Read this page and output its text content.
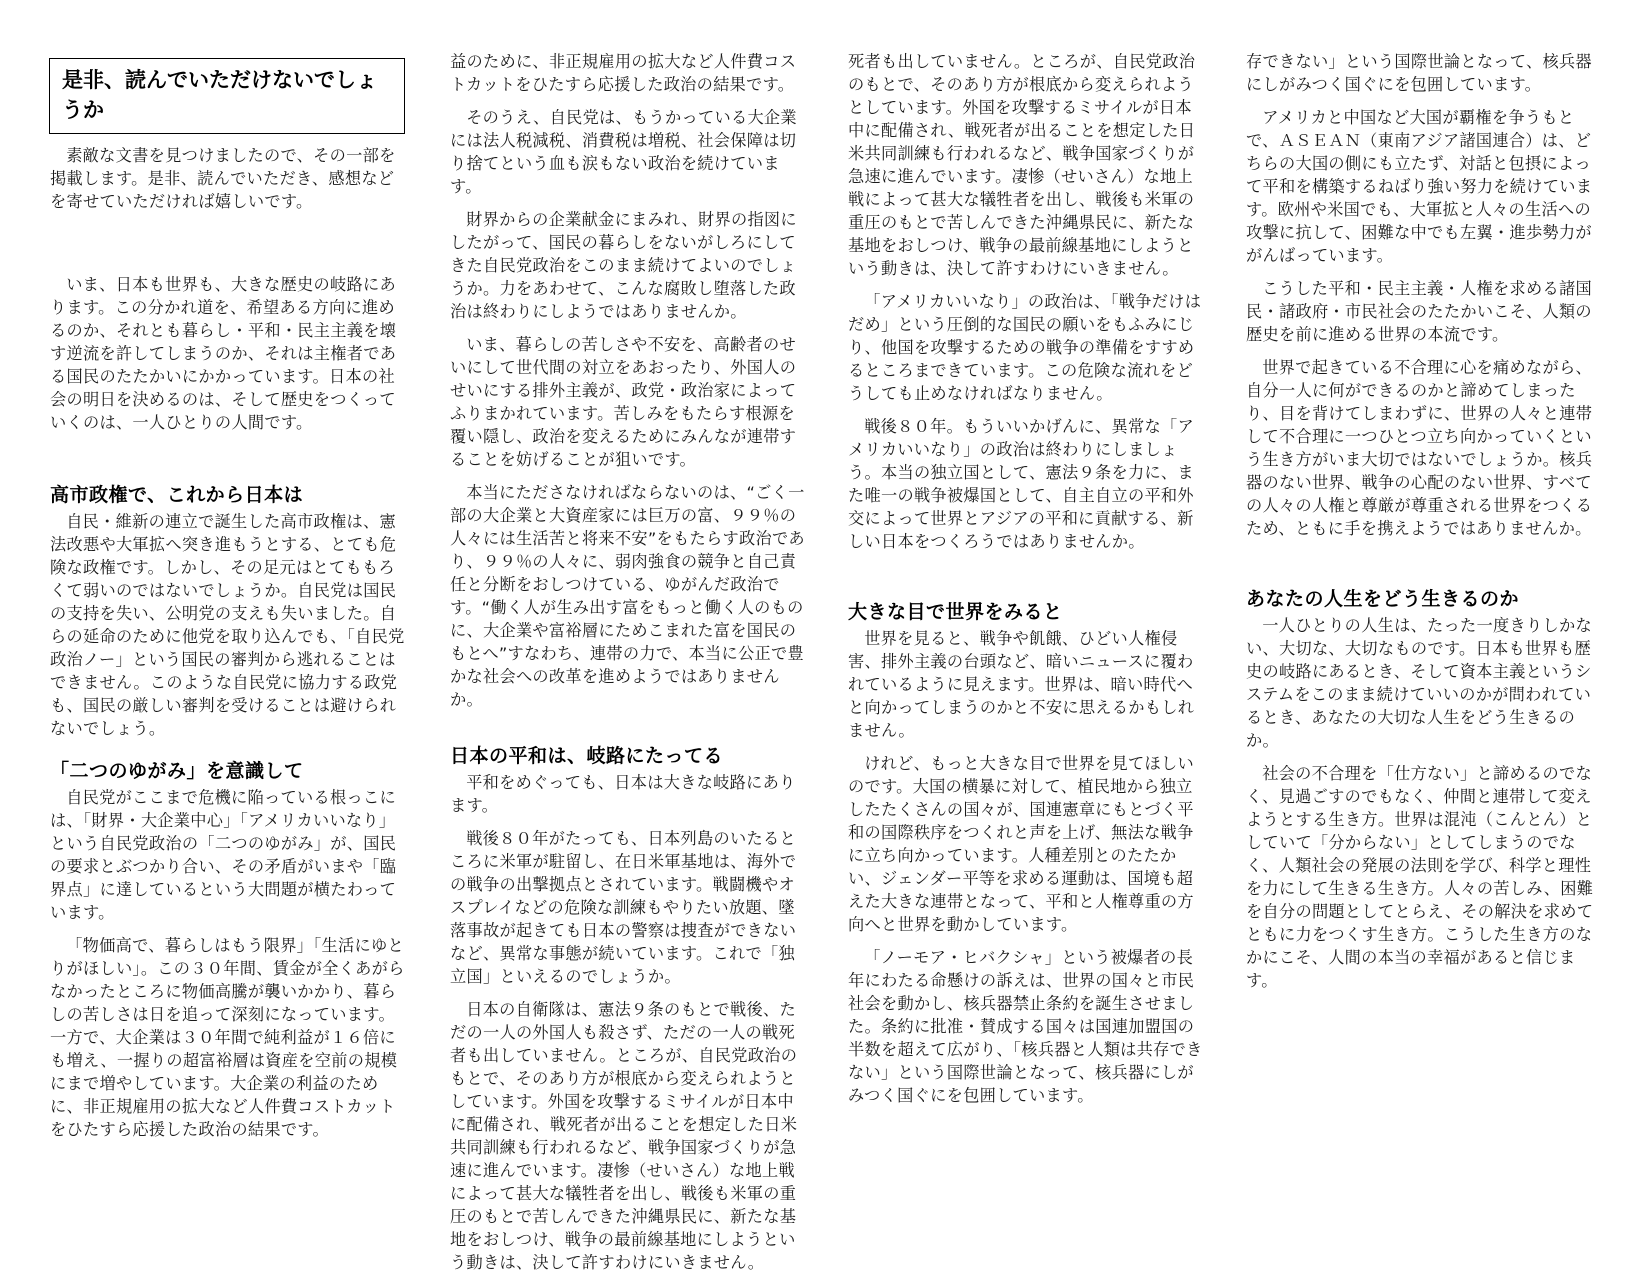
是非、読んでいただけないでしょうか

素敵な文書を見つけましたので、その一部を掲載します。是非、読んでいただき、感想などを寄せていただければ嬉しいです。

いま、日本も世界も、大きな歴史の岐路にあります。この分かれ道を、希望ある方向に進めるのか、それとも暮らし・平和・民主主義を壊す逆流を許してしまうのか、それは主権者である国民のたたかいにかかっています。日本の社会の明日を決めるのは、そして歴史をつくっていくのは、一人ひとりの人間です。

高市政権で、これから日本は

自民・維新の連立で誕生した高市政権は、憲法改悪や大軍拡へ突き進もうとする、とても危険な政権です。しかし、その足元はとてももろくて弱いのではないでしょうか。自民党は国民の支持を失い、公明党の支えも失いました。自らの延命のために他党を取り込んでも、「自民党政治ノー」という国民の審判から逃れることはできません。このような自民党に協力する政党も、国民の厳しい審判を受けることは避けられないでしょう。

「二つのゆがみ」を意識して

自民党がここまで危機に陥っている根っこには、「財界・大企業中心」「アメリカいいなり」という自民党政治の「二つのゆがみ」が、国民の要求とぶつかり合い、その矛盾がいまや「臨界点」に達しているという大問題が横たわっています。

「物価高で、暮らしはもう限界」「生活にゆとりがほしい」。この３０年間、賃金が全くあがらなかったところに物価高騰が襲いかかり、暮らしの苦しさは日を追って深刻になっています。一方で、大企業は３０年間で純利益が１６倍にも増え、一握りの超富裕層は資産を空前の規模にまで増やしています。大企業の利益のために、非正規雇用の拡大など人件費コストカットをひたすら応援した政治の結果です。

益のために、非正規雇用の拡大など人件費コストカットをひたすら応援した政治の結果です。

そのうえ、自民党は、もうかっている大企業には法人税減税、消費税は増税、社会保障は切り捨てという血も涙もない政治を続けています。

財界からの企業献金にまみれ、財界の指図にしたがって、国民の暮らしをないがしろにしてきた自民党政治をこのまま続けてよいのでしょうか。力をあわせて、こんな腐敗し堕落した政治は終わりにしようではありませんか。

いま、暮らしの苦しさや不安を、高齢者のせいにして世代間の対立をあおったり、外国人のせいにする排外主義が、政党・政治家によってふりまかれています。苦しみをもたらす根源を覆い隠し、政治を変えるためにみんなが連帯することを妨げることが狙いです。

本当にたださなければならないのは、“ごく一部の大企業と大資産家には巨万の富、９９％の人々には生活苦と将来不安”をもたらす政治であり、９９％の人々に、弱肉強食の競争と自己責任と分断をおしつけている、ゆがんだ政治です。“働く人が生み出す富をもっと働く人のものに、大企業や富裕層にためこまれた富を国民のもとへ”すなわち、連帯の力で、本当に公正で豊かな社会への改革を進めようではありませんか。

日本の平和は、岐路にたってる

平和をめぐっても、日本は大きな岐路にあります。

戦後８０年がたっても、日本列島のいたるところに米軍が駐留し、在日米軍基地は、海外での戦争の出撃拠点とされています。戦闘機やオスプレイなどの危険な訓練もやりたい放題、墜落事故が起きても日本の警察は捜査ができないなど、異常な事態が続いています。これで「独立国」といえるのでしょうか。

日本の自衛隊は、憲法９条のもとで戦後、ただの一人の外国人も殺さず、ただの一人の戦死者も出していません。ところが、自民党政治のもとで、そのあり方が根底から変えられようとしています。外国を攻撃するミサイルが日本中に配備され、戦死者が出ることを想定した日米共同訓練も行われるなど、戦争国家づくりが急速に進んでいます。凄惨（せいさん）な地上戦によって甚大な犠牲者を出し、戦後も米軍の重圧のもとで苦しんできた沖縄県民に、新たな基地をおしつけ、戦争の最前線基地にしようという動きは、決して許すわけにいきません。

死者も出していません。ところが、自民党政治のもとで、そのあり方が根底から変えられようとしています。外国を攻撃するミサイルが日本中に配備され、戦死者が出ることを想定した日米共同訓練も行われるなど、戦争国家づくりが急速に進んでいます。凄惨（せいさん）な地上戦によって甚大な犠牲者を出し、戦後も米軍の重圧のもとで苦しんできた沖縄県民に、新たな基地をおしつけ、戦争の最前線基地にしようという動きは、決して許すわけにいきません。

「アメリカいいなり」の政治は、「戦争だけはだめ」という圧倒的な国民の願いをもふみにじり、他国を攻撃するための戦争の準備をすすめるところまできています。この危険な流れをどうしても止めなければなりません。

戦後８０年。もういいかげんに、異常な「アメリカいいなり」の政治は終わりにしましょう。本当の独立国として、憲法９条を力に、また唯一の戦争被爆国として、自主自立の平和外交によって世界とアジアの平和に貢献する、新しい日本をつくろうではありませんか。

大きな目で世界をみると

世界を見ると、戦争や飢餓、ひどい人権侵害、排外主義の台頭など、暗いニュースに覆われているように見えます。世界は、暗い時代へと向かってしまうのかと不安に思えるかもしれません。

けれど、もっと大きな目で世界を見てほしいのです。大国の横暴に対して、植民地から独立したたくさんの国々が、国連憲章にもとづく平和の国際秩序をつくれと声を上げ、無法な戦争に立ち向かっています。人種差別とのたたかい、ジェンダー平等を求める運動は、国境も超えた大きな連帯となって、平和と人権尊重の方向へと世界を動かしています。

「ノーモア・ヒバクシャ」という被爆者の長年にわたる命懸けの訴えは、世界の国々と市民社会を動かし、核兵器禁止条約を誕生させました。条約に批准・賛成する国々は国連加盟国の半数を超えて広がり、「核兵器と人類は共存できない」という国際世論となって、核兵器にしがみつく国ぐにを包囲しています。

存できない」という国際世論となって、核兵器にしがみつく国ぐにを包囲しています。

アメリカと中国など大国が覇権を争うもとで、ＡＳＥＡＮ（東南アジア諸国連合）は、どちらの大国の側にも立たず、対話と包摂によって平和を構築するねばり強い努力を続けています。欧州や米国でも、大軍拡と人々の生活への攻撃に抗して、困難な中でも左翼・進歩勢力ががんばっています。

こうした平和・民主主義・人権を求める諸国民・諸政府・市民社会のたたかいこそ、人類の歴史を前に進める世界の本流です。

世界で起きている不合理に心を痛めながら、自分一人に何ができるのかと諦めてしまったり、目を背けてしまわずに、世界の人々と連帯して不合理に一つひとつ立ち向かっていくという生き方がいま大切ではないでしょうか。核兵器のない世界、戦争の心配のない世界、すべての人々の人権と尊厳が尊重される世界をつくるため、ともに手を携えようではありませんか。

あなたの人生をどう生きるのか

一人ひとりの人生は、たった一度きりしかない、大切な、大切なものです。日本も世界も歴史の岐路にあるとき、そして資本主義というシステムをこのまま続けていいのかが問われているとき、あなたの大切な人生をどう生きるのか。

社会の不合理を「仕方ない」と諦めるのでなく、見過ごすのでもなく、仲間と連帯して変えようとする生き方。世界は混沌（こんとん）としていて「分からない」としてしまうのでなく、人類社会の発展の法則を学び、科学と理性を力にして生きる生き方。人々の苦しみ、困難を自分の問題としてとらえ、その解決を求めてともに力をつくす生き方。こうした生き方のなかにこそ、人間の本当の幸福があると信じます。
